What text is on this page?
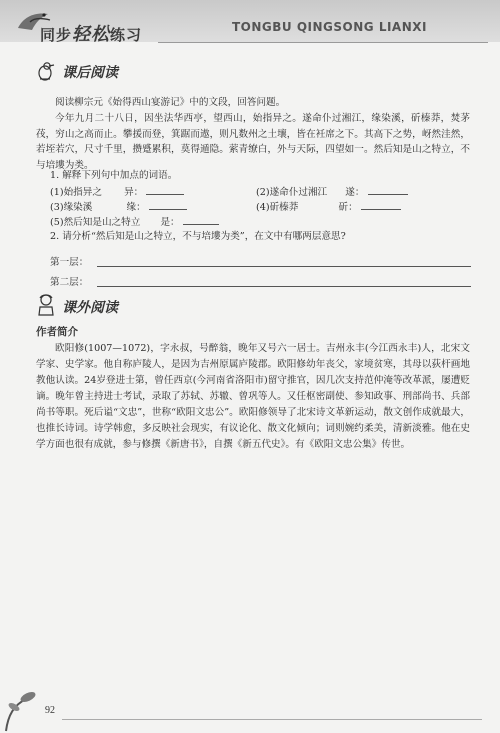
同步轻松练习	TONGBU QINGSONG LIANXI
课后阅读

阅读柳宗元《始得西山宴游记》中的文段，回答问题。

今年九月二十八日，因坐法华西亭，望西山，始指异之。遂命仆过湘江，缘染溪，斫榛莽，焚茅茷，穷山之高而止。攀援而登，箕踞而遨，则凡数州之土壤，皆在衽席之下。其高下之势，岈然洼然，若垤若穴，尺寸千里，攒蹙累积，莫得遁隐。萦青缭白，外与天际，四望如一。然后知是山之特立，不与培塿为类。

1. 解释下列句中加点的词语。
(1)始指异之 异：	(2)遂命仆过湘江 遂：
(3)缘染溪	缘：	(4)斫榛莽	斫：
(5)然后知是山之特立 是：
2. 请分析“然后知是山之特立，不与培塿为类”，在文中有哪两层意思?
第一层：
第二层：
课外阅读
作者简介

欧阳修(1007—1072)，字永叔，号醉翁，晚年又号六一居士。吉州永丰(今江西永丰)人，北宋文学家、史学家。他自称庐陵人，是因为吉州原属庐陵郡。欧阳修幼年丧父，家境贫寒，其母以荻杆画地教他认读。24岁登进士第，曾任西京(今河南省洛阳市)留守推官，因几次支持范仲淹等改革派，屡遭贬谪。晚年曾主持进士考试，录取了苏轼、苏辙、曾巩等人。又任枢密副使、参知政事、刑部尚书、兵部尚书等职。死后谥“文忠”，世称“欧阳文忠公”。欧阳修领导了北宋诗文革新运动，散文创作成就最大，也推长诗词。诗学韩愈，多反映社会现实，有议论化、散文化倾向；词则婉约柔美，清新淡雅。他在史学方面也很有成就，参与修撰《新唐书》，自撰《新五代史》。有《欧阳文忠公集》传世。

92
